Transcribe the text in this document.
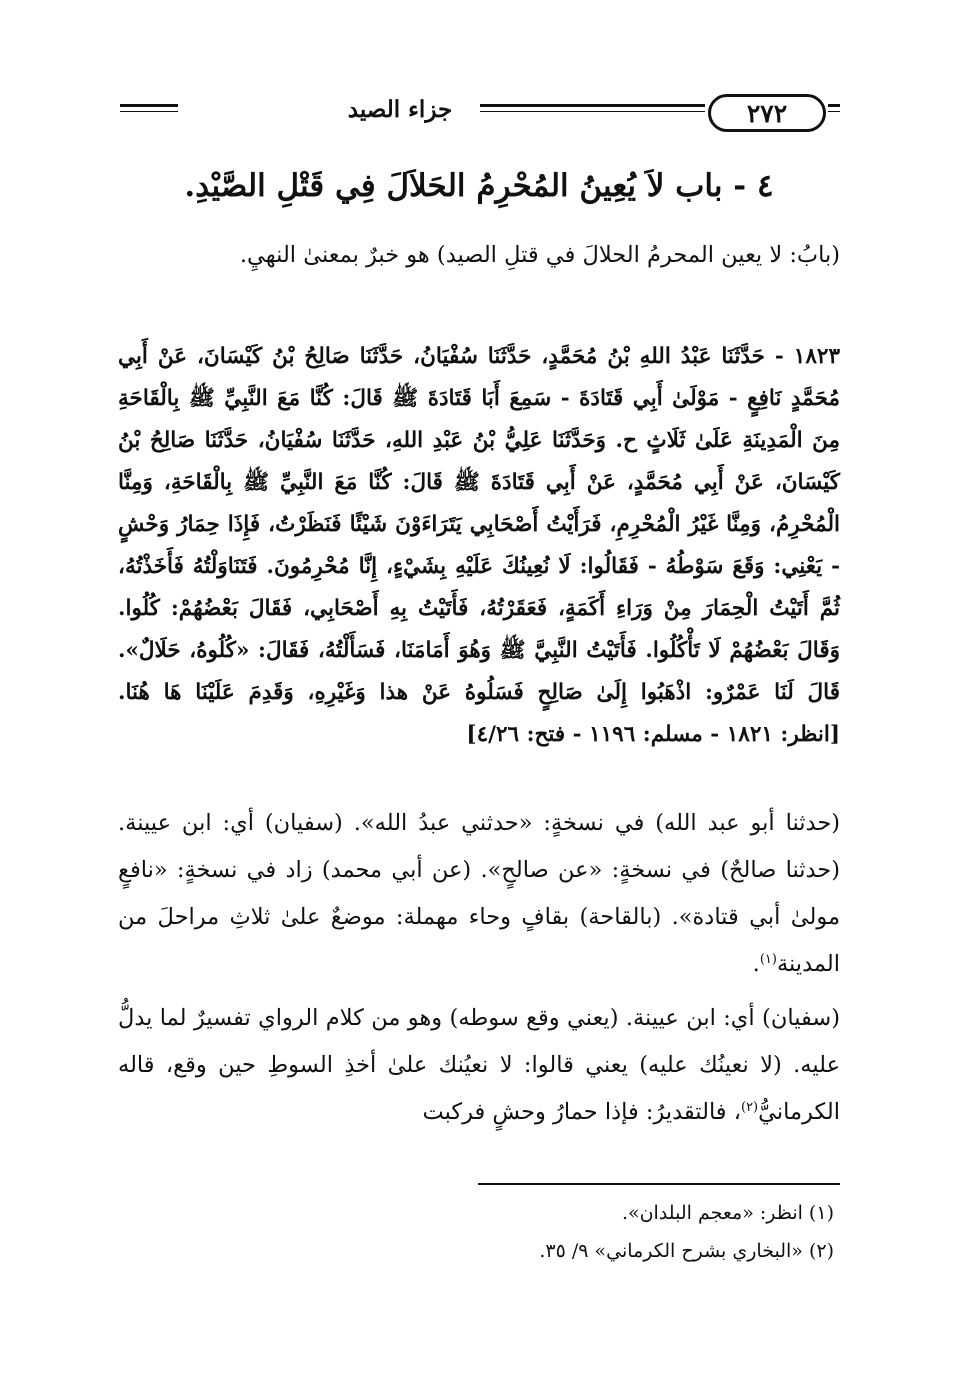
جزاء الصيد	٢٧٢
٤ - باب لاَ يُعِينُ المُحْرِمُ الحَلاَلَ فِي قَتْلِ الصَّيْدِ.

(بابُ: لا يعين المحرمُ الحلالَ في قتلِ الصيد) هو خبرٌ بمعنىٰ النهيِ.

١٨٢٣ - حَدَّثَنَا عَبْدُ اللهِ بْنُ مُحَمَّدٍ، حَدَّثَنَا سُفْيَانُ، حَدَّثَنَا صَالِحُ بْنُ كَيْسَانَ، عَنْ أَبِي مُحَمَّدٍ نَافِعٍ - مَوْلَىٰ أَبِي قَتَادَةَ - سَمِعَ أَبَا قَتَادَةَ ﷺ قَالَ: كُنَّا مَعَ النَّبِيِّ ﷺ بِالْقَاحَةِ مِنَ الْمَدِينَةِ عَلَىٰ ثَلَاثٍ ح. وَحَدَّثَنَا عَلِيُّ بْنُ عَبْدِ اللهِ، حَدَّثَنَا سُفْيَانُ، حَدَّثَنَا صَالِحُ بْنُ كَيْسَانَ، عَنْ أَبِي مُحَمَّدٍ، عَنْ أَبِي قَتَادَةَ ﷺ قَالَ: كُنَّا مَعَ النَّبِيِّ ﷺ بِالْقَاحَةِ، وَمِنَّا الْمُحْرِمُ، وَمِنَّا غَيْرُ الْمُحْرِمِ، فَرَأَيْتُ أَصْحَابِي يَتَرَاءَوْنَ شَيْئًا فَنَظَرْتُ، فَإِذَا حِمَارُ وَحْشٍ - يَعْنِي: وَقَعَ سَوْطُهُ - فَقَالُوا: لَا نُعِينُكَ عَلَيْهِ بِشَيْءٍ، إِنَّا مُحْرِمُونَ. فَتَنَاوَلْتُهُ فَأَخَذْتُهُ، ثُمَّ أَتَيْتُ الْحِمَارَ مِنْ وَرَاءِ أَكَمَةٍ، فَعَقَرْتُهُ، فَأَتَيْتُ بِهِ أَصْحَابِي، فَقَالَ بَعْضُهُمْ: كُلُوا. وَقَالَ بَعْضُهُمْ لَا تَأْكُلُوا. فَأَتَيْتُ النَّبِيَّ ﷺ وَهُوَ أَمَامَنَا، فَسَأَلْتُهُ، فَقَالَ: «كُلُوهُ، حَلَالٌ». قَالَ لَنَا عَمْرٌو: اذْهَبُوا إِلَىٰ صَالِحٍ فَسَلُوهُ عَنْ هذا وَغَيْرِهِ، وَقَدِمَ عَلَيْنَا هَا هُنَا. [انظر: ١٨٢١ - مسلم: ١١٩٦ - فتح: ٤/٢٦]

(حدثنا أبو عبد الله) في نسخةٍ: «حدثني عبدُ الله». (سفيان) أي: ابن عيينة. (حدثنا صالحٌ) في نسخةٍ: «عن صالحٍ». (عن أبي محمد) زاد في نسخةٍ: «نافعٍ مولىٰ أبي قتادة». (بالقاحة) بقافٍ وحاء مهملة: موضعٌ علىٰ ثلاثِ مراحلَ من المدينة$^{(١)}$.

(سفيان) أي: ابن عيينة. (يعني وقع سوطه) وهو من كلام الرواي تفسيرٌ لما يدلُّ عليه. (لا نعينُك عليه) يعني قالوا: لا نعيُنك علىٰ أخذِ السوطِ حين وقع، قاله الكرمانيُّ$^{(٢)}$، فالتقديرُ: فإذا حمارُ وحشٍ فركبت

(١) انظر: «معجم البلدان».

(٢) «البخاري بشرح الكرماني» ٩/ ٣٥.
